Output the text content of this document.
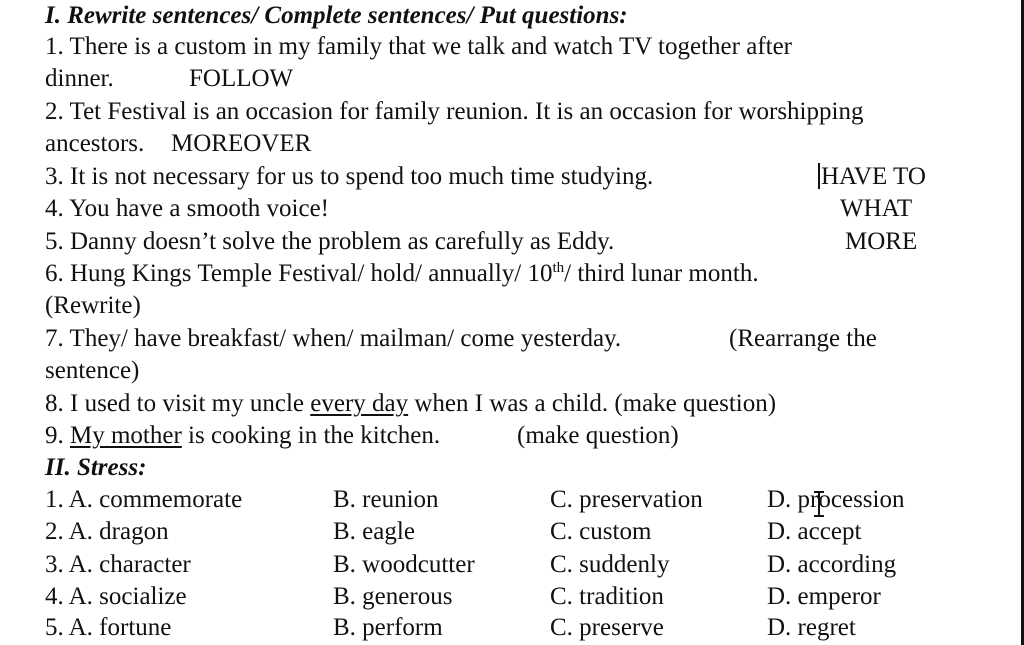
I. Rewrite sentences/ Complete sentences/ Put questions:
1. There is a custom in my family that we talk and watch TV together after
dinner.	FOLLOW
2. Tet Festival is an occasion for family reunion. It is an occasion for worshipping
ancestors. MOREOVER
3. It is not necessary for us to spend too much time studying.	HAVE TO
4. You have a smooth voice!	WHAT
5. Danny doesn’t solve the problem as carefully as Eddy.	MORE
6. Hung Kings Temple Festival/ hold/ annually/ 10th/ third lunar month.
(Rewrite)
7. They/ have breakfast/ when/ mailman/ come yesterday.	(Rearrange the
sentence)
8. I used to visit my uncle every day when I was a child. (make question)
9. My mother is cooking in the kitchen.	(make question)
II. Stress:
1. A. commemorate	B. reunion	C. preservation	D. procession
2. A. dragon	B. eagle	C. custom	D. accept
3. A. character	B. woodcutter	C. suddenly	D. according
4. A. socialize	B. generous	C. tradition	D. emperor
5. A. fortune	B. perform	C. preserve	D. regret
